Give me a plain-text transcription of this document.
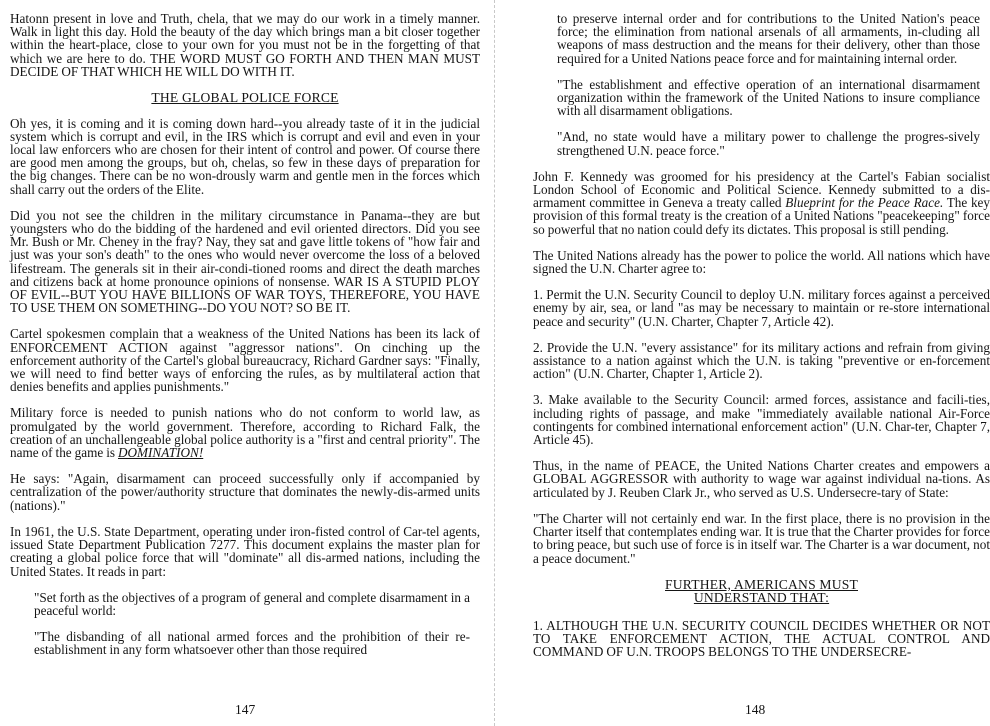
Hatonn present in love and Truth, chela, that we may do our work in a timely manner. Walk in light this day. Hold the beauty of the day which brings man a bit closer together within the heart-place, close to your own for you must not be in the forgetting of that which we are here to do. THE WORD MUST GO FORTH AND THEN MAN MUST DECIDE OF THAT WHICH HE WILL DO WITH IT.

THE GLOBAL POLICE FORCE

Oh yes, it is coming and it is coming down hard--you already taste of it in the judicial system which is corrupt and evil, in the IRS which is corrupt and evil and even in your local law enforcers who are chosen for their intent of control and power. Of course there are good men among the groups, but oh, chelas, so few in these days of preparation for the big changes. There can be no won-drously warm and gentle men in the forces which shall carry out the orders of the Elite.

Did you not see the children in the military circumstance in Panama--they are but youngsters who do the bidding of the hardened and evil oriented directors. Did you see Mr. Bush or Mr. Cheney in the fray? Nay, they sat and gave little tokens of "how fair and just was your son's death" to the ones who would never overcome the loss of a beloved lifestream. The generals sit in their air-condi-tioned rooms and direct the death marches and citizens back at home pronounce opinions of nonsense. WAR IS A STUPID PLOY OF EVIL--BUT YOU HAVE BILLIONS OF WAR TOYS, THEREFORE, YOU HAVE TO USE THEM ON SOMETHING--DO YOU NOT? SO BE IT.

Cartel spokesmen complain that a weakness of the United Nations has been its lack of ENFORCEMENT ACTION against "aggressor nations". On cinching up the enforcement authority of the Cartel's global bureaucracy, Richard Gardner says: "Finally, we will need to find better ways of enforcing the rules, as by multilateral action that denies benefits and applies punishments."

Military force is needed to punish nations who do not conform to world law, as promulgated by the world government. Therefore, according to Richard Falk, the creation of an unchallengeable global police authority is a "first and central priority". The name of the game is DOMINATION!

He says: "Again, disarmament can proceed successfully only if accompanied by centralization of the power/authority structure that dominates the newly-dis-armed units (nations)."

In 1961, the U.S. State Department, operating under iron-fisted control of Car-tel agents, issued State Department Publication 7277. This document explains the master plan for creating a global police force that will "dominate" all dis-armed nations, including the United States. It reads in part:

"Set forth as the objectives of a program of general and complete disarmament in a peaceful world:

"The disbanding of all national armed forces and the prohibition of their re-establishment in any form whatsoever other than those required

147

to preserve internal order and for contributions to the United Nation's peace force; the elimination from national arsenals of all armaments, in-cluding all weapons of mass destruction and the means for their delivery, other than those required for a United Nations peace force and for maintaining internal order.

"The establishment and effective operation of an international disarmament organization within the framework of the United Nations to insure compliance with all disarmament obligations.

"And, no state would have a military power to challenge the progres-sively strengthened U.N. peace force."

John F. Kennedy was groomed for his presidency at the Cartel's Fabian socialist London School of Economic and Political Science. Kennedy submitted to a dis-armament committee in Geneva a treaty called Blueprint for the Peace Race. The key provision of this formal treaty is the creation of a United Nations "peacekeeping" force so powerful that no nation could defy its dictates. This proposal is still pending.

The United Nations already has the power to police the world. All nations which have signed the U.N. Charter agree to:

1. Permit the U.N. Security Council to deploy U.N. military forces against a perceived enemy by air, sea, or land "as may be necessary to maintain or re-store international peace and security" (U.N. Charter, Chapter 7, Article 42).

2. Provide the U.N. "every assistance" for its military actions and refrain from giving assistance to a nation against which the U.N. is taking "preventive or en-forcement action" (U.N. Charter, Chapter 1, Article 2).

3. Make available to the Security Council: armed forces, assistance and facili-ties, including rights of passage, and make "immediately available national Air-Force contingents for combined international enforcement action" (U.N. Char-ter, Chapter 7, Article 45).

Thus, in the name of PEACE, the United Nations Charter creates and empowers a GLOBAL AGGRESSOR with authority to wage war against individual na-tions. As articulated by J. Reuben Clark Jr., who served as U.S. Undersecre-tary of State:

"The Charter will not certainly end war. In the first place, there is no provision in the Charter itself that contemplates ending war. It is true that the Charter provides for force to bring peace, but such use of force is in itself war. The Charter is a war document, not a peace document."

FURTHER, AMERICANS MUST
UNDERSTAND THAT:

1. ALTHOUGH THE U.N. SECURITY COUNCIL DECIDES WHETHER OR NOT TO TAKE ENFORCEMENT ACTION, THE ACTUAL CONTROL AND COMMAND OF U.N. TROOPS BELONGS TO THE UNDERSECRE-

148
